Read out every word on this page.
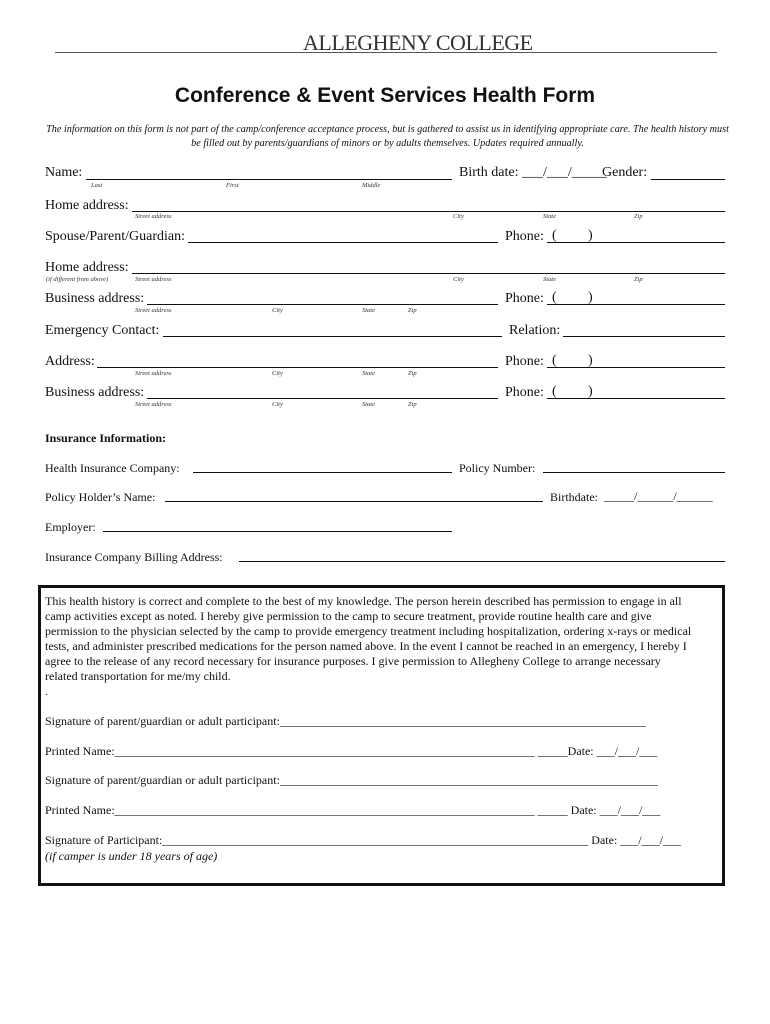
ALLEGHENY COLLEGE
Conference & Event Services Health Form
The information on this form is not part of the camp/conference acceptance process, but is gathered to assist us in identifying appropriate care. The health history must be filled out by parents/guardians of minors or by adults themselves. Updates required annually.
Name:	Birth date: ___/___/_____
Gender:
Last	First	Middle
Home address:
Street address	City	State	Zip
Spouse/Parent/Guardian:	Phone: ( )
Home address:
(if different from above)	Street address	City	State	Zip
Business address:	Phone: ( )
Street address	City	State	Zip
Emergency Contact:	Relation:
Address:	Phone: ( )
Street address	City	State	Zip
Business address:	Phone: ( )
Street address	City	State	Zip
Insurance Information:
Health Insurance Company:	Policy Number:
Policy Holder’s Name:	Birthdate: _____/______/______
Employer:
Insurance Company Billing Address:
This health history is correct and complete to the best of my knowledge. The person herein described has permission to engage in all
camp activities except as noted. I hereby give permission to the camp to secure treatment, provide routine health care and give
permission to the physician selected by the camp to provide emergency treatment including hospitalization, ordering x-rays or medical
tests, and administer prescribed medications for the person named above. In the event I cannot be reached in an emergency, I hereby I
agree to the release of any record necessary for insurance purposes. I give permission to Allegheny College to arrange necessary
related transportation for me/my child.
.
Signature of parent/guardian or adult participant:_____________________________________________________________
Printed Name:______________________________________________________________________ _____Date: ___/___/___
Signature of parent/guardian or adult participant:_______________________________________________________________
Printed Name:______________________________________________________________________ _____ Date: ___/___/___
Signature of Participant:_______________________________________________________________________ Date: ___/___/___
(if camper is under 18 years of age)
